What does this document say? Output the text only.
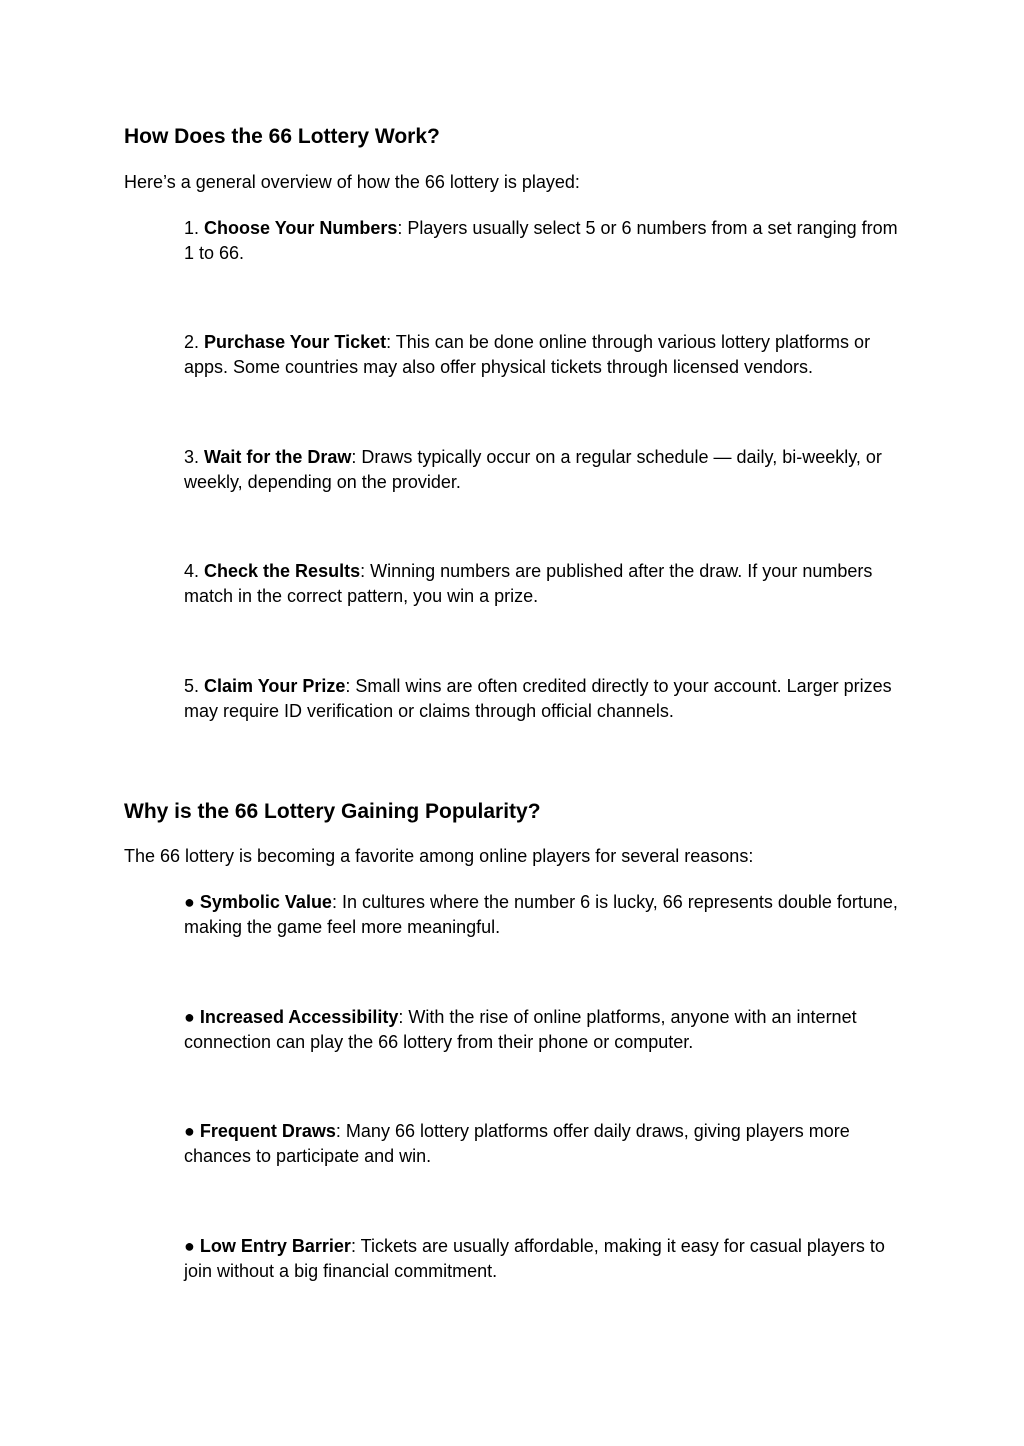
How Does the 66 Lottery Work?

Here’s a general overview of how the 66 lottery is played:

1. Choose Your Numbers: Players usually select 5 or 6 numbers from a set ranging from 1 to 66.

2. Purchase Your Ticket: This can be done online through various lottery platforms or apps. Some countries may also offer physical tickets through licensed vendors.

3. Wait for the Draw: Draws typically occur on a regular schedule — daily, bi-weekly, or weekly, depending on the provider.

4. Check the Results: Winning numbers are published after the draw. If your numbers match in the correct pattern, you win a prize.

5. Claim Your Prize: Small wins are often credited directly to your account. Larger prizes may require ID verification or claims through official channels.

Why is the 66 Lottery Gaining Popularity?

The 66 lottery is becoming a favorite among online players for several reasons:

● Symbolic Value: In cultures where the number 6 is lucky, 66 represents double fortune, making the game feel more meaningful.

● Increased Accessibility: With the rise of online platforms, anyone with an internet connection can play the 66 lottery from their phone or computer.

● Frequent Draws: Many 66 lottery platforms offer daily draws, giving players more chances to participate and win.

● Low Entry Barrier: Tickets are usually affordable, making it easy for casual players to join without a big financial commitment.
